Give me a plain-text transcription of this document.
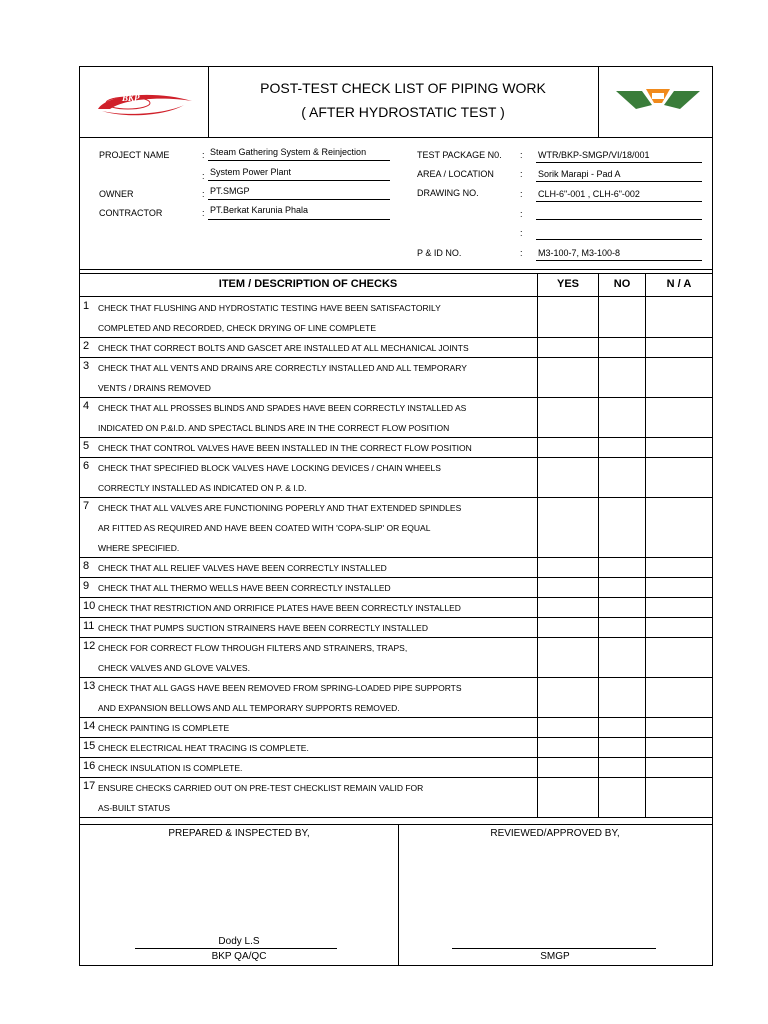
BKP
POST-TEST CHECK LIST OF PIPING WORK
( AFTER HYDROSTATIC TEST )
PROJECT NAME	: Steam Gathering System & Reinjection
: System Power Plant
OWNER	: PT.SMGP
CONTRACTOR	: PT.Berkat Karunia Phala
TEST PACKAGE N0. : WTR/BKP-SMGP/VI/18/001
AREA / LOCATION	: Sorik Marapi - Pad A
DRAWING NO.	: CLH-6"-001 , CLH-6"-002
:
:
P & ID NO.	: M3-100-7, M3-100-8
ITEM / DESCRIPTION OF CHECKS	YES	NO	N / A
1 CHECK THAT FLUSHING AND HYDROSTATIC TESTING HAVE BEEN SATISFACTORILY
COMPLETED AND RECORDED, CHECK DRYING OF LINE COMPLETE
2 CHECK THAT CORRECT BOLTS AND GASCET ARE INSTALLED AT ALL MECHANICAL JOINTS
3 CHECK THAT ALL VENTS AND DRAINS ARE CORRECTLY INSTALLED AND ALL TEMPORARY
VENTS / DRAINS REMOVED
4 CHECK THAT ALL PROSSES BLINDS AND SPADES HAVE BEEN CORRECTLY INSTALLED AS
INDICATED ON P.&I.D. AND SPECTACL BLINDS ARE IN THE CORRECT FLOW POSITION
5 CHECK THAT CONTROL VALVES HAVE BEEN INSTALLED IN THE CORRECT FLOW POSITION
6 CHECK THAT SPECIFIED BLOCK VALVES HAVE LOCKING DEVICES / CHAIN WHEELS
CORRECTLY INSTALLED AS INDICATED ON P. & I.D.
7 CHECK THAT ALL VALVES ARE FUNCTIONING POPERLY AND THAT EXTENDED SPINDLES
AR FITTED AS REQUIRED AND HAVE BEEN COATED WITH 'COPA-SLIP' OR EQUAL
WHERE SPECIFIED.
8 CHECK THAT ALL RELIEF VALVES HAVE BEEN CORRECTLY INSTALLED
9 CHECK THAT ALL THERMO WELLS HAVE BEEN CORRECTLY INSTALLED
10 CHECK THAT RESTRICTION AND ORRIFICE PLATES HAVE BEEN CORRECTLY INSTALLED
11 CHECK THAT PUMPS SUCTION STRAINERS HAVE BEEN CORRECTLY INSTALLED
12 CHECK FOR CORRECT FLOW THROUGH FILTERS AND STRAINERS, TRAPS,
CHECK VALVES AND GLOVE VALVES.
13 CHECK THAT ALL GAGS HAVE BEEN REMOVED FROM SPRING-LOADED PIPE SUPPORTS
AND EXPANSION BELLOWS AND ALL TEMPORARY SUPPORTS REMOVED.
14 CHECK PAINTING IS COMPLETE
15 CHECK ELECTRICAL HEAT TRACING IS COMPLETE.
16 CHECK INSULATION IS COMPLETE.
17 ENSURE CHECKS CARRIED OUT ON PRE-TEST CHECKLIST REMAIN VALID FOR
AS-BUILT STATUS
PREPARED & INSPECTED BY,
Dody L.S
BKP QA/QC
REVIEWED/APPROVED BY,
SMGP
